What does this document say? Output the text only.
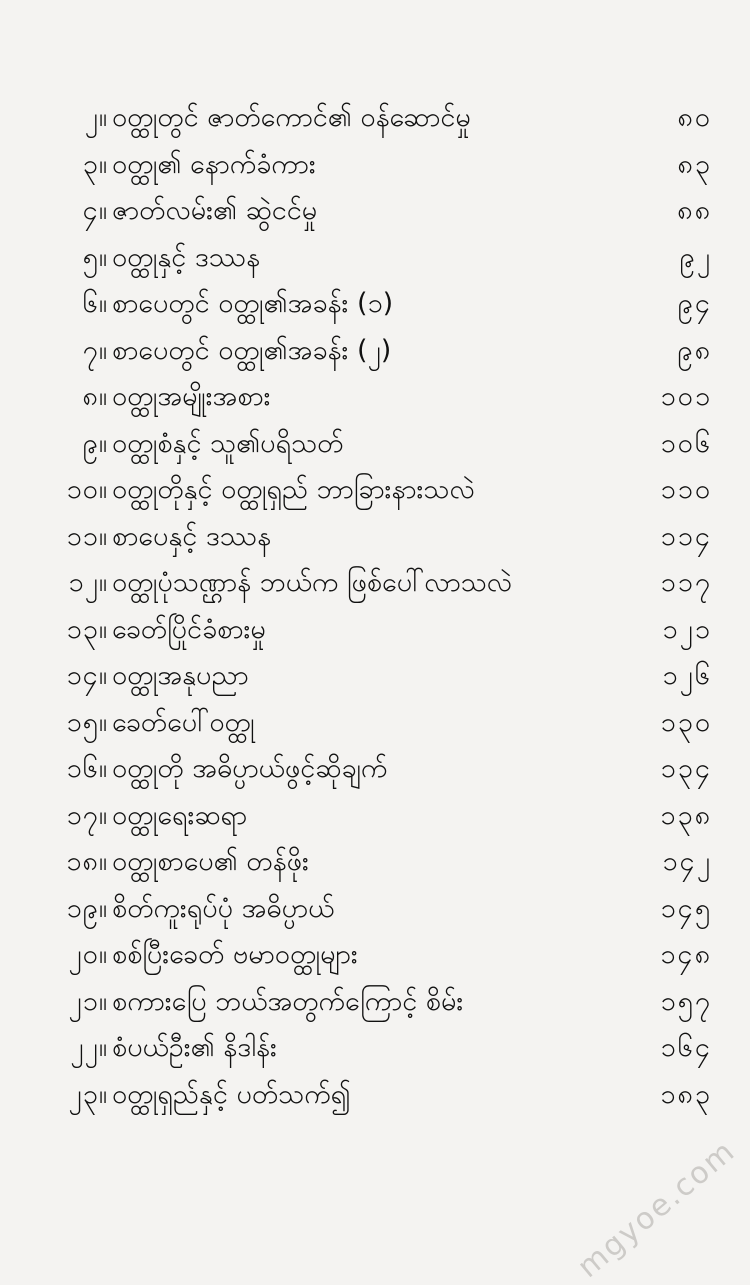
၂။ ဝတ္ထုတွင် ဇာတ်ကောင်၏ ဝန်ဆောင်မှု	၈၀
၃။ ဝတ္ထု၏ နောက်ခံကား	၈၃
၄။ ဇာတ်လမ်း၏ ဆွဲငင်မှု	၈၈
၅။ ဝတ္ထုနှင့် ဒဿန	၉၂
၆။ စာပေတွင် ဝတ္ထု၏အခန်း (၁)	၉၄
၇။ စာပေတွင် ဝတ္ထု၏အခန်း (၂)	၉၈
၈။ ဝတ္ထုအမျိုးအစား	၁၀၁
၉။ ဝတ္ထုစံနှင့် သူ၏ပရိသတ်	၁၀၆
၁၀။ ဝတ္ထုတိုနှင့် ဝတ္ထုရှည် ဘာခြားနားသလဲ	၁၁၀
၁၁။ စာပေနှင့် ဒဿန	၁၁၄
၁၂။ ဝတ္ထုပုံသဏ္ဌာန် ဘယ်က ဖြစ်ပေါ်လာသလဲ	၁၁၇
၁၃။ ခေတ်ပြိုင်ခံစားမှု	၁၂၁
၁၄။ ဝတ္ထုအနုပညာ	၁၂၆
၁၅။ ခေတ်ပေါ်ဝတ္ထု	၁၃၀
၁၆။ ဝတ္ထုတို အဓိပ္ပာယ်ဖွင့်ဆိုချက်	၁၃၄
၁၇။ ဝတ္ထုရေးဆရာ	၁၃၈
၁၈။ ဝတ္ထုစာပေ၏ တန်ဖိုး	၁၄၂
၁၉။ စိတ်ကူးရုပ်ပုံ အဓိပ္ပာယ်	၁၄၅
၂၀။ စစ်ပြီးခေတ် ဗမာဝတ္ထုများ	၁၄၈
၂၁။ စကားပြေ ဘယ်အတွက်ကြောင့် စိမ်း	၁၅၇
၂၂။ စံပယ်ဦး၏ နိဒါန်း	၁၆၄
၂၃။ ဝတ္ထုရှည်နှင့် ပတ်သက်၍	၁၈၃
mgyoe.com
